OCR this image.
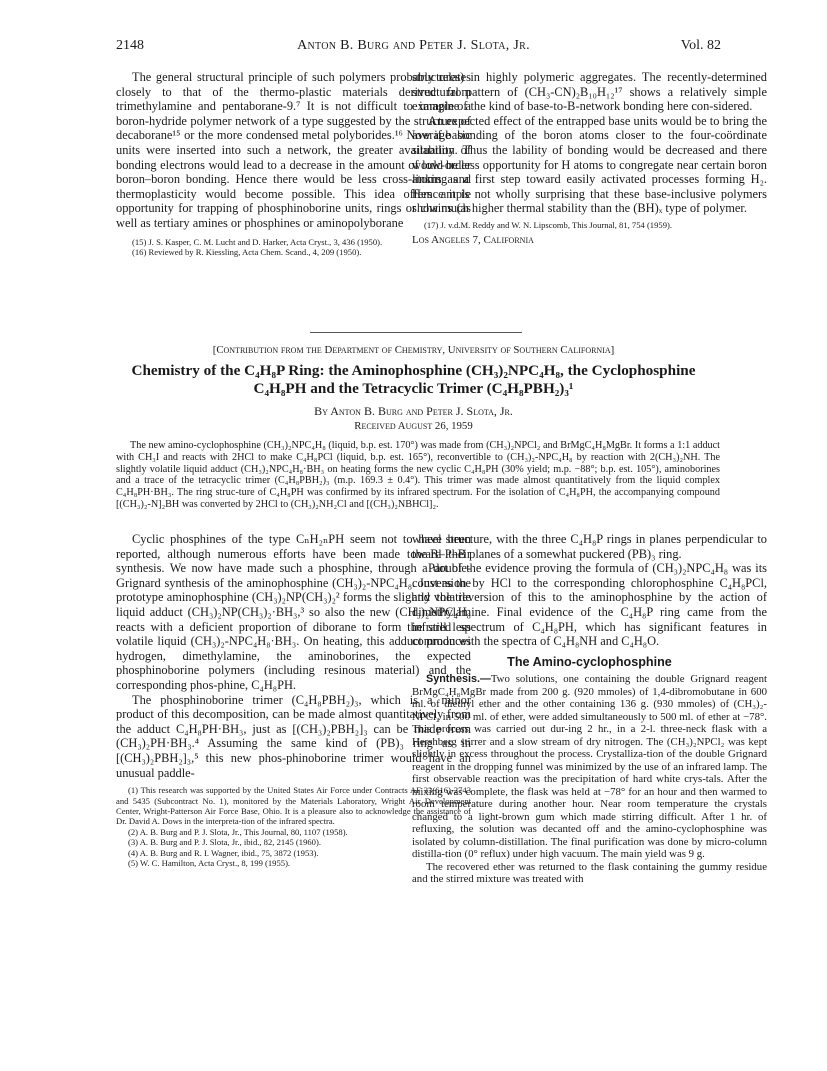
2148	Anton B. Burg and Peter J. Slota, Jr.	Vol. 82

The general structural principle of such polymers probably relates closely to that of the thermo-plastic materials derived from trimethylamine and pentaborane-9.⁷ It is not difficult to imagine a boron-hydride polymer network of a type suggested by the structure of decaborane¹⁵ or the more condensed metal polyborides.¹⁶ Now if basic units were inserted into such a network, the greater availability of bonding electrons would lead to a decrease in the amount of low-order boron–boron bonding. Hence there would be less cross-linking and thermoplasticity would become possible. This idea offers ample opportunity for trapping of phosphinoborine units, rings or chains (as well as tertiary amines or phosphines or aminopolyborane

(15) J. S. Kasper, C. M. Lucht and D. Harker, Acta Cryst., 3, 436 (1950).

(16) Reviewed by R. Kiessling, Acta Chem. Scand., 4, 209 (1950).

structures) in highly polymeric aggregates. The recently-determined structural pattern of (CH₃-CN)₂B₁₀H₁₂¹⁷ shows a relatively simple example of the kind of base-to-B-network bonding here con-sidered.

An expected effect of the entrapped base units would be to bring the average bonding of the boron atoms closer to the four-coördinate situation. Thus the lability of bonding would be decreased and there would be less opportunity for H atoms to congregate near certain boron atoms as a first step toward easily activated processes forming H₂. Hence it is not wholly surprising that these base-inclusive polymers show much higher thermal stability than the (BH)ₓ type of polymer.

(17) J. v.d.M. Reddy and W. N. Lipscomb, This Journal, 81, 754 (1959).

Los Angeles 7, California

[Contribution from the Department of Chemistry, University of Southern California]
Chemistry of the C₄H₈P Ring: the Aminophosphine (CH₃)₂NPC₄H₈, the Cyclophosphine
C₄H₈PH and the Tetracyclic Trimer (C₄H₈PBH₂)₃¹
By Anton B. Burg and Peter J. Slota, Jr.
Received August 26, 1959

The new amino-cyclophosphine (CH₃)₂NPC₄H₈ (liquid, b.p. est. 170°) was made from (CH₃)₂NPCl₂ and BrMgC₄H₈MgBr. It forms a 1:1 adduct with CH₃I and reacts with 2HCl to make C₄H₈PCl (liquid, b.p. est. 165°), reconvertible to (CH₃)₂-NPC₄H₈ by reaction with 2(CH₃)₂NH. The slightly volatile liquid adduct (CH₃)₂NPC₄H₈·BH₃ on heating forms the new cyclic C₄H₈PH (30% yield; m.p. −88°; b.p. est. 105°), aminoborines and a trace of the tetracyclic trimer (C₄H₈PBH₂)₃ (m.p. 169.3 ± 0.4°). This trimer was made almost quantitatively from the liquid complex C₄H₈PH·BH₃. The ring struc-ture of C₄H₈PH was confirmed by its infrared spectrum. For the isolation of C₄H₈PH, the accompanying compound [(CH₃)₂-N]₂BH was converted by 2HCl to (CH₃)₂NH₂Cl and [(CH₃)₂NBHCl]₂.

Cyclic phosphines of the type CₙH₂ₙPH seem not to have been reported, although numerous efforts have been made toward their synthesis. We now have made such a phosphine, through a double-Grignard synthesis of the aminophosphine (CH₃)₂-NPC₄H₈. Just as the prototype aminophosphine (CH₃)₂NP(CH₃)₂² forms the slightly volatile liquid adduct (CH₃)₂NP(CH₃)₂·BH₃,³ so also the new (CH₃)₂NPC₄H₈ reacts with a deficient proportion of diborane to form the still less volatile liquid (CH₃)₂-NPC₄H₈·BH₃. On heating, this adduct produces hydrogen, dimethylamine, the aminoborines, the expected phosphinoborine polymers (including resinous material) and the corresponding phos-phine, C₄H₈PH.

The phosphinoborine trimer (C₄H₈PBH₂)₃, which is a minor product of this decomposition, can be made almost quantitatively from the adduct C₄H₈PH·BH₃, just as [(CH₃)₂PBH₂]₃ can be made from (CH₃)₂PH·BH₃.⁴ Assuming the same kind of (PB)₃ ring as in [(CH₃)₂PBH₂]₃,⁵ this new phos-phinoborine trimer would have an unusual paddle-

(1) This research was supported by the United States Air Force under Contracts AF 33(616)-2743 and 5435 (Subcontract No. 1), monitored by the Materials Laboratory, Wright Air Development Center, Wright-Patterson Air Force Base, Ohio. It is a pleasure also to acknowledge the assistance of Dr. David A. Dows in the interpreta-tion of the infrared spectra.

(2) A. B. Burg and P. J. Slota, Jr., This Journal, 80, 1107 (1958).

(3) A. B. Burg and P. J. Slota, Jr., ibid., 82, 2145 (1960).

(4) A. B. Burg and R. I. Wagner, ibid., 75, 3872 (1953).

(5) W. C. Hamilton, Acta Cryst., 8, 199 (1955).

wheel structure, with the three C₄H₈P rings in planes perpendicular to the B–P–B planes of a somewhat puckered (PB)₃ ring.

Part of the evidence proving the formula of (CH₃)₂NPC₄H₈ was its conversion by HCl to the corresponding chlorophosphine C₄H₈PCl, and the reversion of this to the aminophosphine by the action of dimethylamine. Final evidence of the C₄H₈P ring came from the infrared spectrum of C₄H₈PH, which has significant features in common with the spectra of C₄H₈NH and C₄H₈O.

The Amino-cyclophosphine

Synthesis.—Two solutions, one containing the double Grignard reagent BrMgC₄H₈MgBr made from 200 g. (920 mmoles) of 1,4-dibromobutane in 600 ml. of diethyl ether and the other containing 136 g. (930 mmoles) of (CH₃)₂-NPCl₂ in 500 ml. of ether, were added simultaneously to 500 ml. of ether at −78°. This process was carried out dur-ing 2 hr., in a 2-l. three-neck flask with a Hershberg stirrer and a slow stream of dry nitrogen. The (CH₃)₂NPCl₂ was kept slightly in excess throughout the process. Crystalliza-tion of the double Grignard reagent in the dropping funnel was minimized by the use of an infrared lamp. The first observable reaction was the precipitation of hard white crys-tals. After the mixing was complete, the flask was held at −78° for an hour and then warmed to room temperature during another hour. Near room temperature the crystals changed to a light-brown gum which made stirring difficult. After 1 hr. of refluxing, the solution was decanted off and the amino-cyclophosphine was isolated by column-distillation. The final purification was done by micro-column distilla-tion (0° reflux) under high vacuum. The main yield was 9 g.

The recovered ether was returned to the flask containing the gummy residue and the stirred mixture was treated with
